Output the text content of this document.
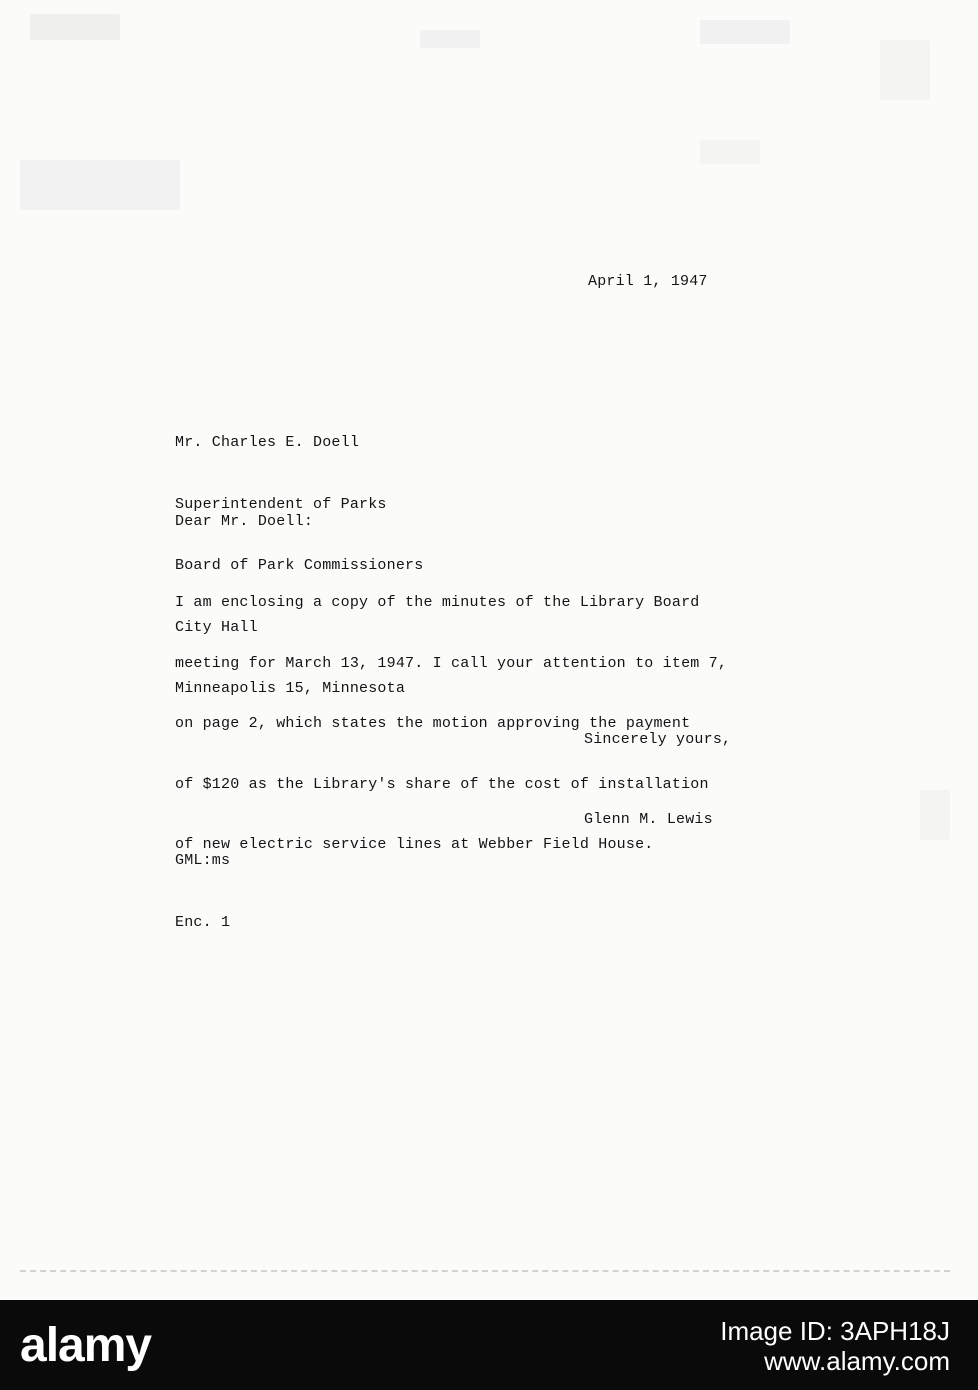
April 1, 1947

Mr. Charles E. Doell

Superintendent of Parks

Board of Park Commissioners

City Hall

Minneapolis 15, Minnesota

Dear Mr. Doell:

I am enclosing a copy of the minutes of the Library Board

meeting for March 13, 1947. I call your attention to item 7,

on page 2, which states the motion approving the payment

of $120 as the Library's share of the cost of installation

of new electric service lines at Webber Field House.

Sincerely yours,

GML:ms

Enc. 1

Glenn M. Lewis
alamy	Image ID: 3APH18J
www.alamy.com
